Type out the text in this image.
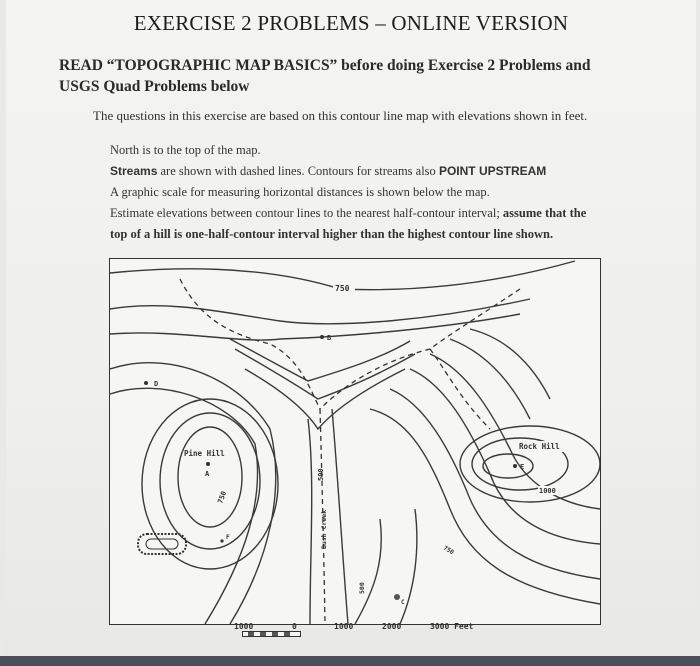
EXERCISE 2 PROBLEMS – ONLINE VERSION
READ “TOPOGRAPHIC MAP BASICS” before doing Exercise 2 Problems and
USGS Quad Problems below
The questions in this exercise are based on this contour line map with elevations shown in feet.
North is to the top of the map.
Streams are shown with dashed lines. Contours for streams also POINT UPSTREAM
A graphic scale for measuring horizontal distances is shown below the map.
Estimate elevations between contour lines to the nearest half-contour interval; assume that the
top of a hill is one-half-contour interval higher than the highest contour line shown.
750
B
D
Pine Hill
A
750
F
500
Bush Creek
500
C
Rock Hill
E
1000
750
1000	0	1000	2000	3000 Feet
